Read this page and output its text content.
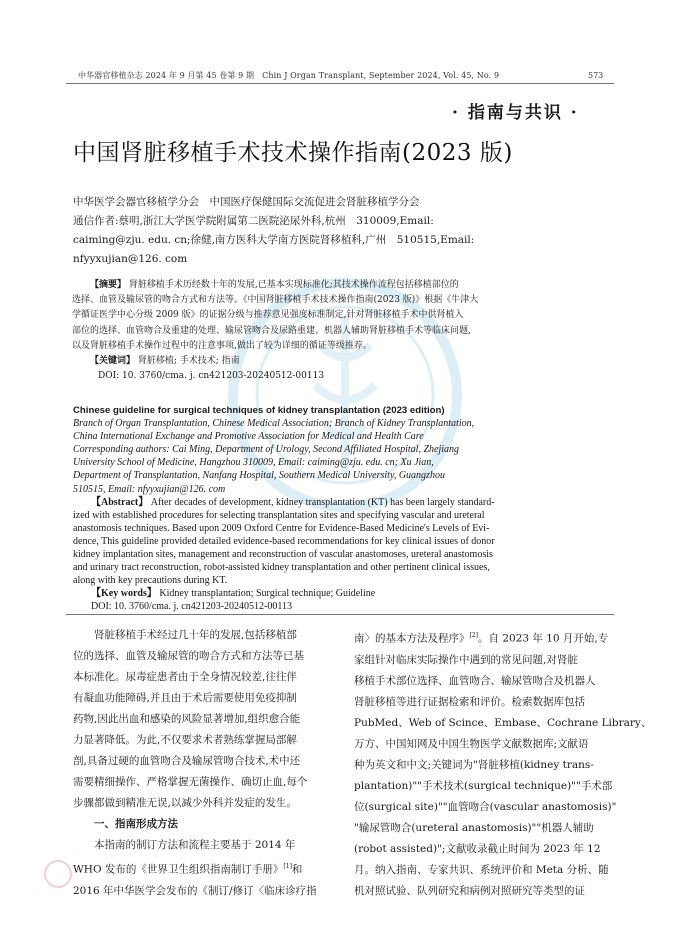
中华器官移植杂志 2024 年 9 月第 45 卷第 9 期　Chin J Organ Transplant, September 2024, Vol. 45, No. 9	573
· 指南与共识 ·
中国肾脏移植手术技术操作指南(2023 版)
中华医学会器官移植学分会　中国医疗保健国际交流促进会肾脏移植学分会
通信作者:蔡明,浙江大学医学院附属第二医院泌尿外科,杭州　310009,Email:
caiming@zju. edu. cn;徐健,南方医科大学南方医院肾移植科,广州　510515,Email:
nfyyxujian@126. com
【摘要】 肾脏移植手术历经数十年的发展,已基本实现标准化;其技术操作流程包括移植部位的
选择、血管及输尿管的吻合方式和方法等。《中国肾脏移植手术技术操作指南(2023 版)》根据《牛津大
学循证医学中心分级 2009 版》的证据分级与推荐意见强度标准制定,针对肾脏移植手术中供肾植入
部位的选择、血管吻合及重建的处理、输尿管吻合及尿路重建、机器人辅助肾脏移植手术等临床问题,
以及肾脏移植手术操作过程中的注意事项,做出了较为详细的循证等级推荐。
【关键词】 肾脏移植; 手术技术; 指南
DOI: 10. 3760/cma. j. cn421203-20240512-00113
Chinese guideline for surgical techniques of kidney transplantation (2023 edition)
Branch of Organ Transplantation, Chinese Medical Association; Branch of Kidney Transplantation,
China International Exchange and Promotive Association for Medical and Health Care
Corresponding authors: Cai Ming, Department of Urology, Second Affiliated Hospital, Zhejiang
University School of Medicine, Hangzhou 310009, Email: caiming@zju. edu. cn; Xu Jian,
Department of Transplantation, Nanfang Hospital, Southern Medical University, Guangzhou
510515, Email: nfyyxujian@126. com
【Abstract】 After decades of development, kidney transplantation (KT) has been largely standard-
ized with established procedures for selecting transplantation sites and specifying vascular and ureteral
anastomosis techniques. Based upon 2009 Oxford Centre for Evidence-Based Medicine's Levels of Evi-
dence, This guideline provided detailed evidence-based recommendations for key clinical issues of donor
kidney implantation sites, management and reconstruction of vascular anastomoses, ureteral anastomosis
and urinary tract reconstruction, robot-assisted kidney transplantation and other pertinent clinical issues,
along with key precautions during KT.
【Key words】 Kidney transplantation; Surgical technique; Guideline
DOI: 10. 3760/cma. j. cn421203-20240512-00113
　　肾脏移植手术经过几十年的发展,包括移植部
位的选择、血管及输尿管的吻合方式和方法等已基
本标准化。尿毒症患者由于全身情况较差,往往伴
有凝血功能障碍,并且由于术后需要使用免疫抑制
药物,因此出血和感染的风险显著增加,组织愈合能
力显著降低。为此,不仅要求术者熟练掌握局部解
剖,具备过硬的血管吻合及输尿管吻合技术,术中还
需要精细操作、严格掌握无菌操作、确切止血,每个
步骤都做到精准无误,以减少外科并发症的发生。
一、指南形成方法
　　本指南的制订方法和流程主要基于 2014 年
WHO 发布的《世界卫生组织指南制订手册》[1]和
2016 年中华医学会发布的《制订/修订〈临床诊疗指
南〉的基本方法及程序》[2]。自 2023 年 10 月开始,专
家组针对临床实际操作中遇到的常见问题,对肾脏
移植手术部位选择、血管吻合、输尿管吻合及机器人
肾脏移植等进行证据检索和评价。检索数据库包括
PubMed、Web of Scince、Embase、Cochrane Library、
万方、中国知网及中国生物医学文献数据库;文献语
种为英文和中文;关键词为"肾脏移植(kidney trans-
plantation)""手术技术(surgical technique)""手术部
位(surgical site)""血管吻合(vascular anastomosis)"
"输尿管吻合(ureteral anastomosis)""机器人辅助
(robot assisted)";文献收录截止时间为 2023 年 12
月。纳入指南、专家共识、系统评价和 Meta 分析、随
机对照试验、队列研究和病例对照研究等类型的证
